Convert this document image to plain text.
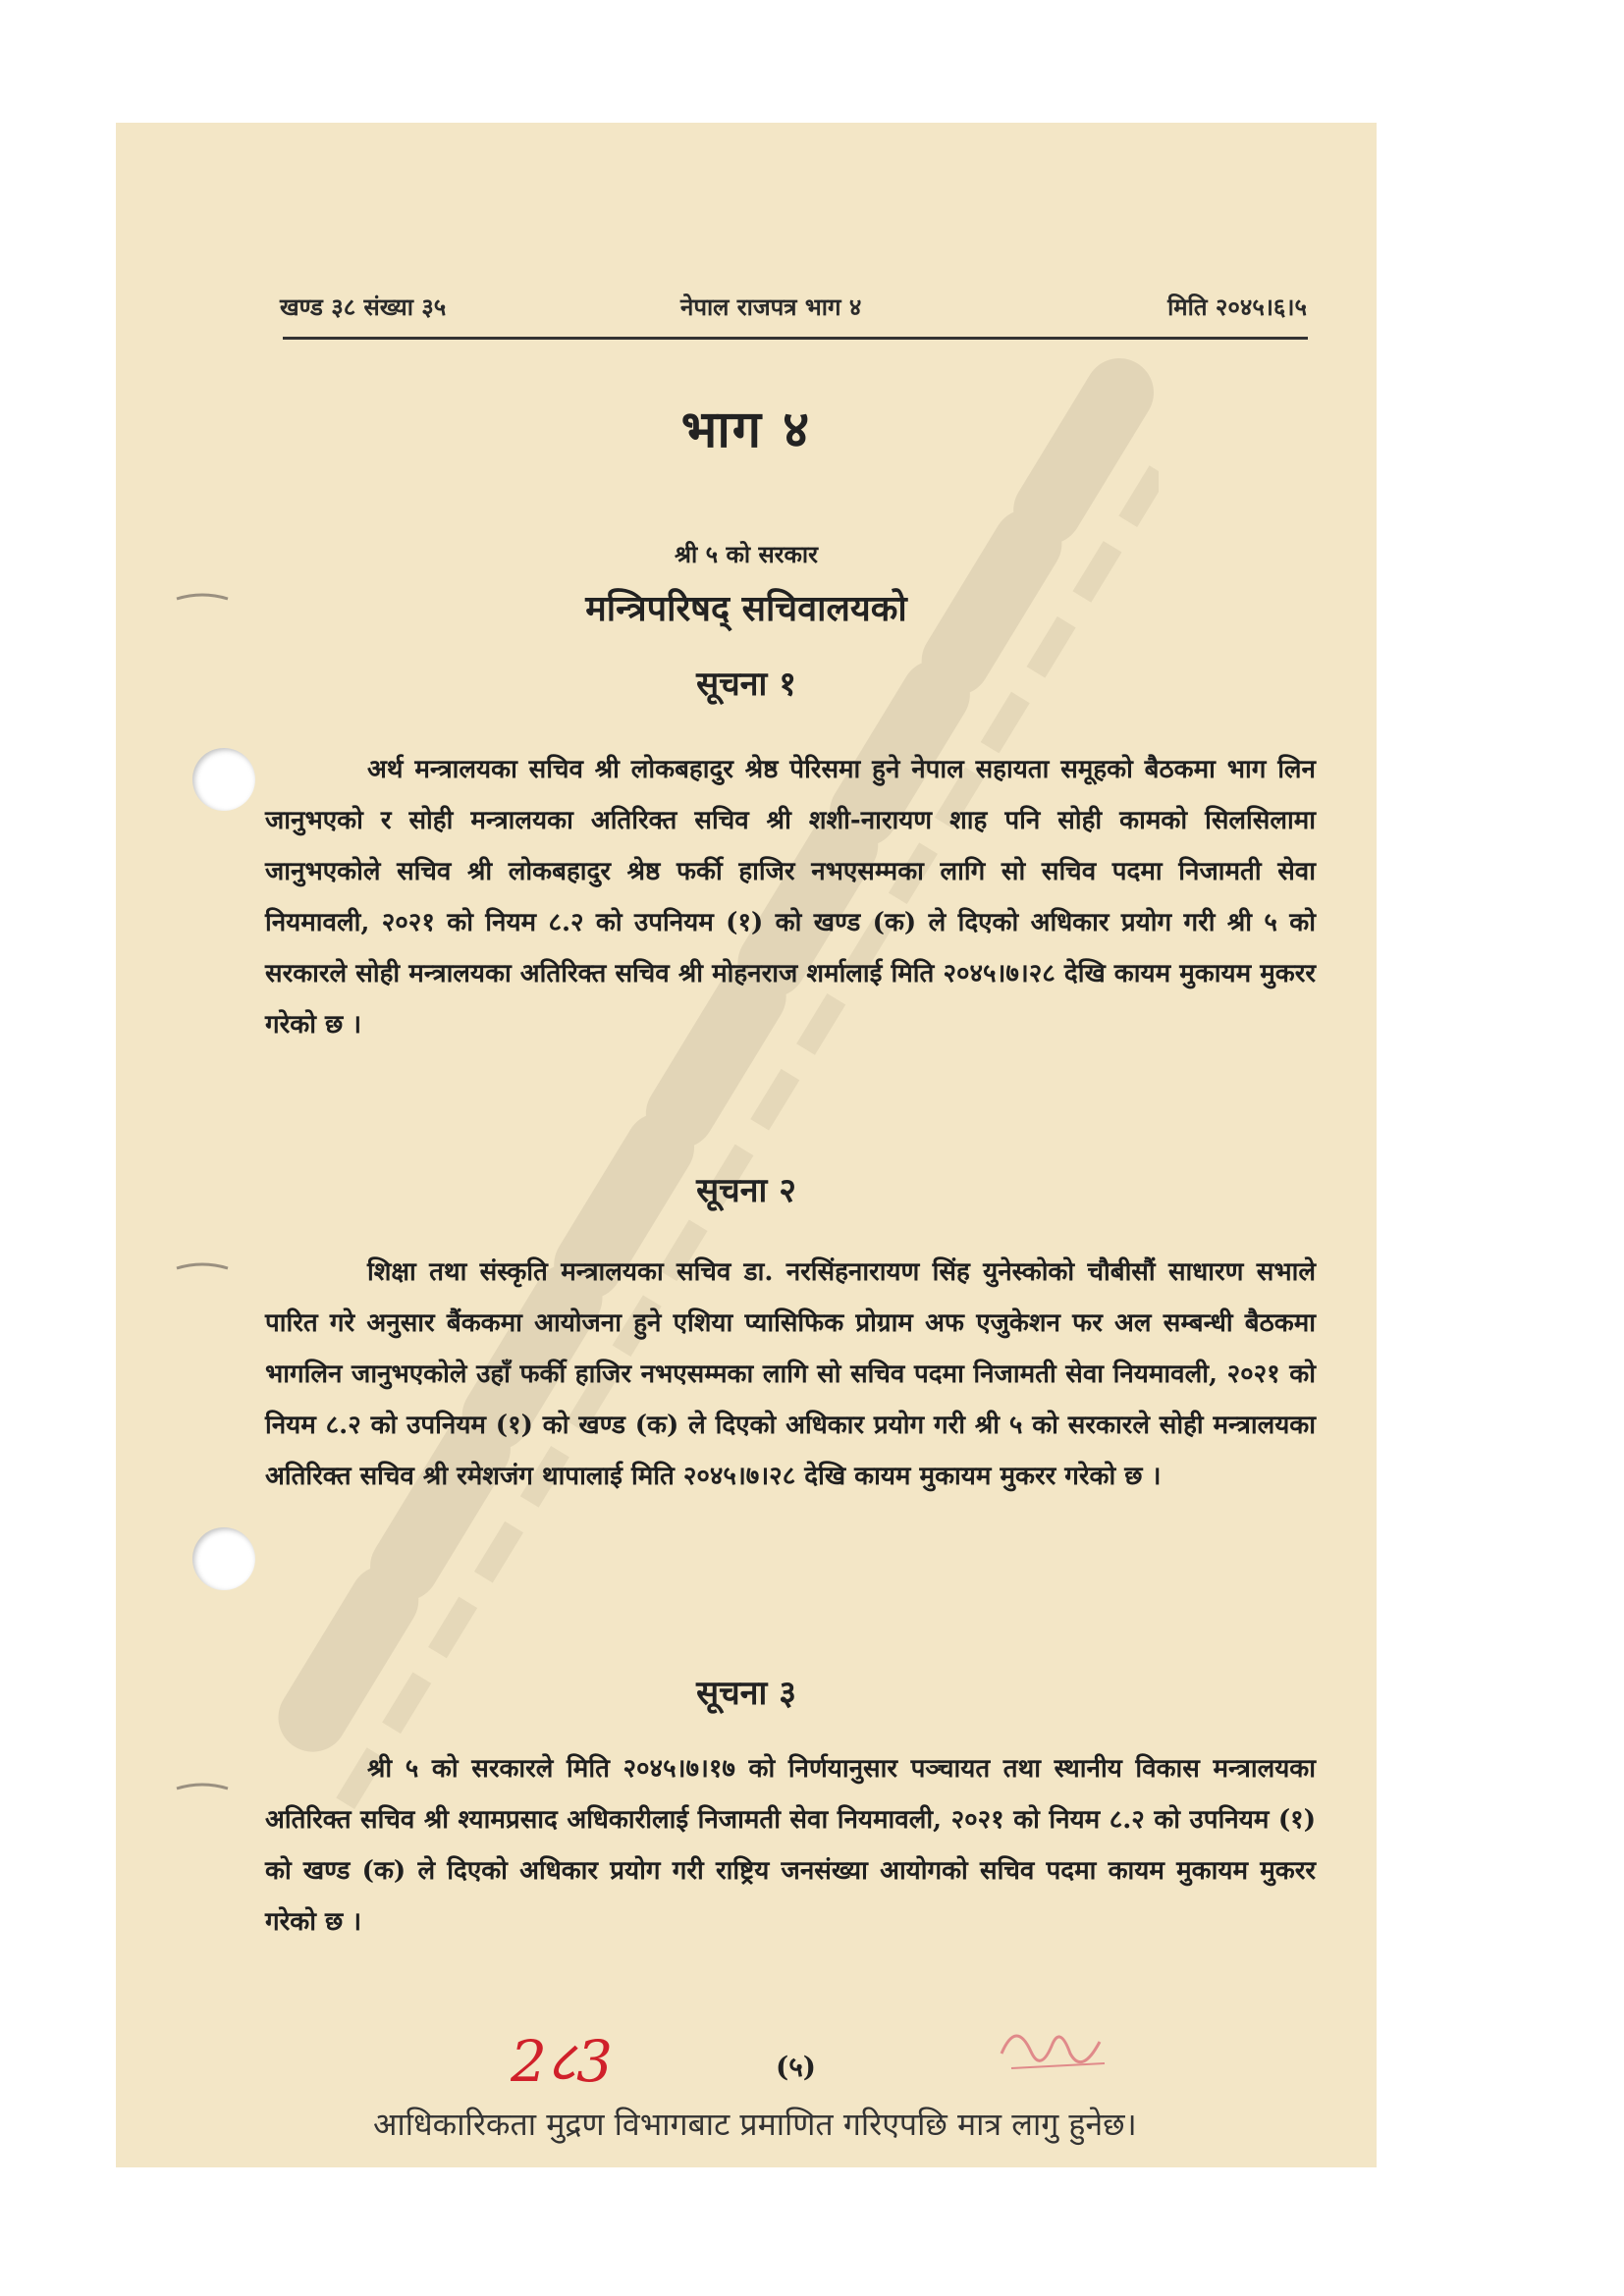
खण्ड ३८ संख्या ३५	नेपाल राजपत्र भाग ४	मिति २०४५।६।५
भाग ४
श्री ५ को सरकार
मन्त्रिपरिषद् सचिवालयको
सूचना १
अर्थ मन्त्रालयका सचिव श्री लोकबहादुर श्रेष्ठ पेरिसमा हुने नेपाल सहायता समूहको बैठकमा भाग लिन जानुभएको र सोही मन्त्रालयका अतिरिक्त सचिव श्री शशी-नारायण शाह पनि सोही कामको सिलसिलामा जानुभएकोले सचिव श्री लोकबहादुर श्रेष्ठ फर्की हाजिर नभएसम्मका लागि सो सचिव पदमा निजामती सेवा नियमावली, २०२१ को नियम ८.२ को उपनियम (१) को खण्ड (क) ले दिएको अधिकार प्रयोग गरी श्री ५ को सरकारले सोही मन्त्रालयका अतिरिक्त सचिव श्री मोहनराज शर्मालाई मिति २०४५।७।२८ देखि कायम मुकायम मुकरर गरेको छ ।
सूचना २
शिक्षा तथा संस्कृति मन्त्रालयका सचिव डा. नरसिंहनारायण सिंह युनेस्कोको चौबीसौं साधारण सभाले पारित गरे अनुसार बैंककमा आयोजना हुने एशिया प्यासिफिक प्रोग्राम अफ एजुकेशन फर अल सम्बन्धी बैठकमा भागलिन जानुभएकोले उहाँ फर्की हाजिर नभएसम्मका लागि सो सचिव पदमा निजामती सेवा नियमावली, २०२१ को नियम ८.२ को उपनियम (१) को खण्ड (क) ले दिएको अधिकार प्रयोग गरी श्री ५ को सरकारले सोही मन्त्रालयका अतिरिक्त सचिव श्री रमेशजंग थापालाई मिति २०४५।७।२८ देखि कायम मुकायम मुकरर गरेको छ ।
सूचना ३
श्री ५ को सरकारले मिति २०४५।७।१७ को निर्णयानुसार पञ्चायत तथा स्थानीय विकास मन्त्रालयका अतिरिक्त सचिव श्री श्यामप्रसाद अधिकारीलाई निजामती सेवा नियमावली, २०२१ को नियम ८.२ को उपनियम (१) को खण्ड (क) ले दिएको अधिकार प्रयोग गरी राष्ट्रिय जनसंख्या आयोगको सचिव पदमा कायम मुकायम मुकरर गरेको छ ।
2८3	(५)
आधिकारिकता मुद्रण विभागबाट प्रमाणित गरिएपछि मात्र लागु हुनेछ।
